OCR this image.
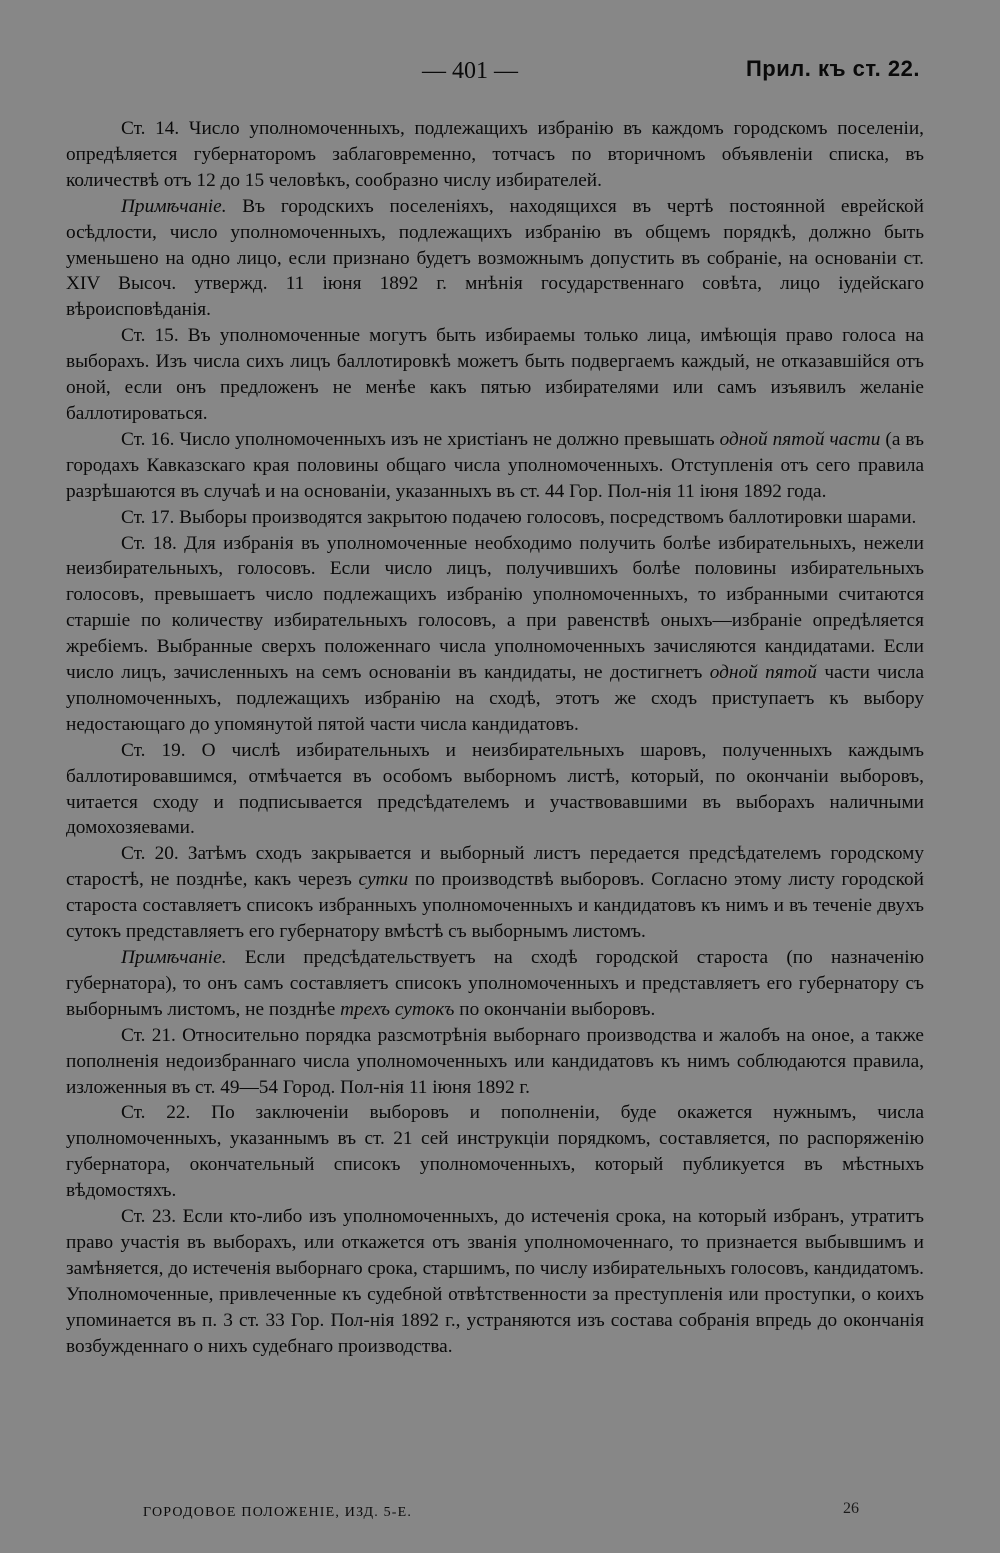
— 401 —	Прил. къ ст. 22.

Ст. 14. Число уполномоченныхъ, подлежащихъ избранію въ каждомъ городскомъ поселеніи, опредѣляется губернаторомъ заблаговременно, тотчасъ по вторичномъ объявленіи списка, въ количествѣ отъ 12 до 15 человѣкъ, сообразно числу избирателей.

Примѣчаніе. Въ городскихъ поселеніяхъ, находящихся въ чертѣ постоянной еврейской осѣдлости, число уполномоченныхъ, подлежащихъ избранію въ общемъ порядкѣ, должно быть уменьшено на одно лицо, если признано будетъ возможнымъ допустить въ собраніе, на основаніи ст. XIV Высоч. утвержд. 11 іюня 1892 г. мнѣнія государственнаго совѣта, лицо іудейскаго вѣроисповѣданія.

Ст. 15. Въ уполномоченные могутъ быть избираемы только лица, имѣющія право голоса на выборахъ. Изъ числа сихъ лицъ баллотировкѣ можетъ быть подвергаемъ каждый, не отказавшійся отъ оной, если онъ предложенъ не менѣе какъ пятью избирателями или самъ изъявилъ желаніе баллотироваться.

Ст. 16. Число уполномоченныхъ изъ не христіанъ не должно превышать одной пятой части (а въ городахъ Кавказскаго края половины общаго числа уполномоченныхъ. Отступленія отъ сего правила разрѣшаются въ случаѣ и на основаніи, указанныхъ въ ст. 44 Гор. Пол-нія 11 іюня 1892 года.

Ст. 17. Выборы производятся закрытою подачею голосовъ, посредствомъ баллотировки шарами.

Ст. 18. Для избранія въ уполномоченные необходимо получить болѣе избирательныхъ, нежели неизбирательныхъ, голосовъ. Если число лицъ, получившихъ болѣе половины избирательныхъ голосовъ, превышаетъ число подлежащихъ избранію уполномоченныхъ, то избранными считаются старшіе по количеству избирательныхъ голосовъ, а при равенствѣ оныхъ—избраніе опредѣляется жребіемъ. Выбранные сверхъ положеннаго числа уполномоченныхъ зачисляются кандидатами. Если число лицъ, зачисленныхъ на семъ основаніи въ кандидаты, не достигнетъ одной пятой части числа уполномоченныхъ, подлежащихъ избранію на сходѣ, этотъ же сходъ приступаетъ къ выбору недостающаго до упомянутой пятой части числа кандидатовъ.

Ст. 19. О числѣ избирательныхъ и неизбирательныхъ шаровъ, полученныхъ каждымъ баллотировавшимся, отмѣчается въ особомъ выборномъ листѣ, который, по окончаніи выборовъ, читается сходу и подписывается предсѣдателемъ и участвовавшими въ выборахъ наличными домохозяевами.

Ст. 20. Затѣмъ сходъ закрывается и выборный листъ передается предсѣдателемъ городскому старостѣ, не позднѣе, какъ черезъ сутки по производствѣ выборовъ. Согласно этому листу городской староста составляетъ списокъ избранныхъ уполномоченныхъ и кандидатовъ къ нимъ и въ теченіе двухъ сутокъ представляетъ его губернатору вмѣстѣ съ выборнымъ листомъ.

Примѣчаніе. Если предсѣдательствуетъ на сходѣ городской староста (по назначенію губернатора), то онъ самъ составляетъ списокъ уполномоченныхъ и представляетъ его губернатору съ выборнымъ листомъ, не позднѣе трехъ сутокъ по окончаніи выборовъ.

Ст. 21. Относительно порядка разсмотрѣнія выборнаго производства и жалобъ на оное, а также пополненія недоизбраннаго числа уполномоченныхъ или кандидатовъ къ нимъ соблюдаются правила, изложенныя въ ст. 49—54 Город. Пол-нія 11 іюня 1892 г.

Ст. 22. По заключеніи выборовъ и пополненіи, буде окажется нужнымъ, числа уполномоченныхъ, указаннымъ въ ст. 21 сей инструкціи порядкомъ, составляется, по распоряженію губернатора, окончательный списокъ уполномоченныхъ, который публикуется въ мѣстныхъ вѣдомостяхъ.

Ст. 23. Если кто-либо изъ уполномоченныхъ, до истеченія срока, на который избранъ, утратитъ право участія въ выборахъ, или откажется отъ званія уполномоченнаго, то признается выбывшимъ и замѣняется, до истеченія выборнаго срока, старшимъ, по числу избирательныхъ голосовъ, кандидатомъ. Уполномоченные, привлеченные къ судебной отвѣтственности за преступленія или проступки, о коихъ упоминается въ п. 3 ст. 33 Гор. Пол-нія 1892 г., устраняются изъ состава собранія впредь до окончанія возбужденнаго о нихъ судебнаго производства.

ГОРОДОВОЕ ПОЛОЖЕНІЕ, ИЗД. 5-Е.	26
